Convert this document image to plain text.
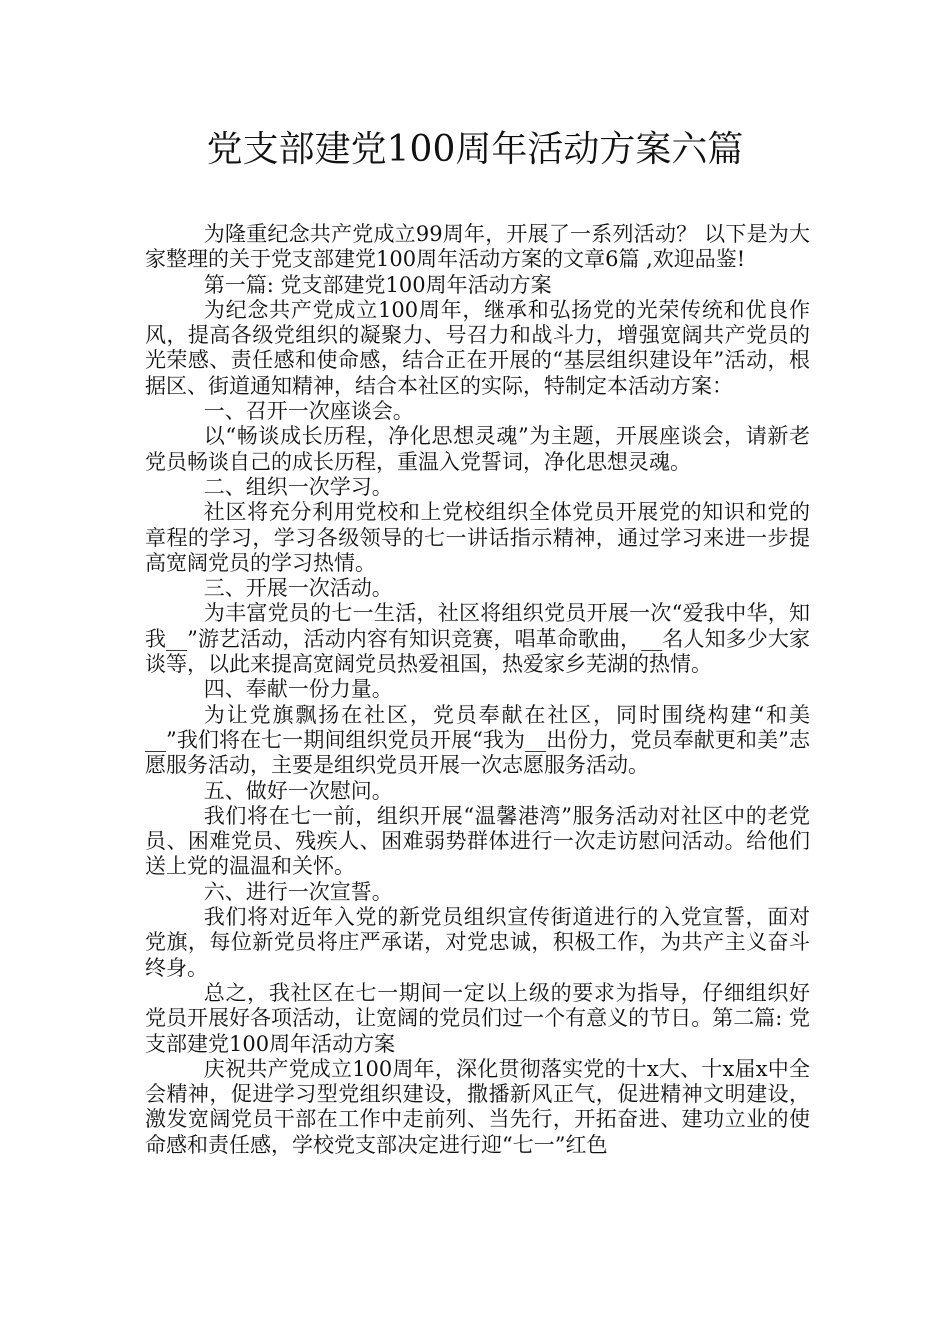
党支部建党100周年活动方案六篇

为隆重纪念共产党成立99周年，开展了一系列活动？ 以下是为大家整理的关于党支部建党100周年活动方案的文章6篇 ,欢迎品鉴!

第一篇: 党支部建党100周年活动方案

为纪念共产党成立100周年，继承和弘扬党的光荣传统和优良作风，提高各级党组织的凝聚力、号召力和战斗力，增强宽阔共产党员的光荣感、责任感和使命感，结合正在开展的“基层组织建设年”活动，根据区、街道通知精神，结合本社区的实际，特制定本活动方案：

一、召开一次座谈会。

以“畅谈成长历程，净化思想灵魂”为主题，开展座谈会，请新老党员畅谈自己的成长历程，重温入党誓词，净化思想灵魂。

二、组织一次学习。

社区将充分利用党校和上党校组织全体党员开展党的知识和党的章程的学习，学习各级领导的七一讲话指示精神，通过学习来进一步提高宽阔党员的学习热情。

三、开展一次活动。

为丰富党员的七一生活，社区将组织党员开展一次“爱我中华，知我__”游艺活动，活动内容有知识竞赛，唱革命歌曲，__名人知多少大家谈等，以此来提高宽阔党员热爱祖国，热爱家乡芜湖的热情。

四、奉献一份力量。

为让党旗飘扬在社区，党员奉献在社区，同时围绕构建“和美__”我们将在七一期间组织党员开展“我为__出份力，党员奉献更和美”志愿服务活动，主要是组织党员开展一次志愿服务活动。

五、做好一次慰问。

我们将在七一前，组织开展“温馨港湾”服务活动对社区中的老党员、困难党员、残疾人、困难弱势群体进行一次走访慰问活动。给他们送上党的温温和关怀。

六、进行一次宣誓。

我们将对近年入党的新党员组织宣传街道进行的入党宣誓，面对党旗，每位新党员将庄严承诺，对党忠诚，积极工作，为共产主义奋斗终身。

总之，我社区在七一期间一定以上级的要求为指导，仔细组织好党员开展好各项活动，让宽阔的党员们过一个有意义的节日。第二篇: 党支部建党100周年活动方案

庆祝共产党成立100周年，深化贯彻落实党的十x大、十x届x中全会精神，促进学习型党组织建设，撒播新风正气，促进精神文明建设，激发宽阔党员干部在工作中走前列、当先行，开拓奋进、建功立业的使命感和责任感，学校党支部决定进行迎“七一”红色
